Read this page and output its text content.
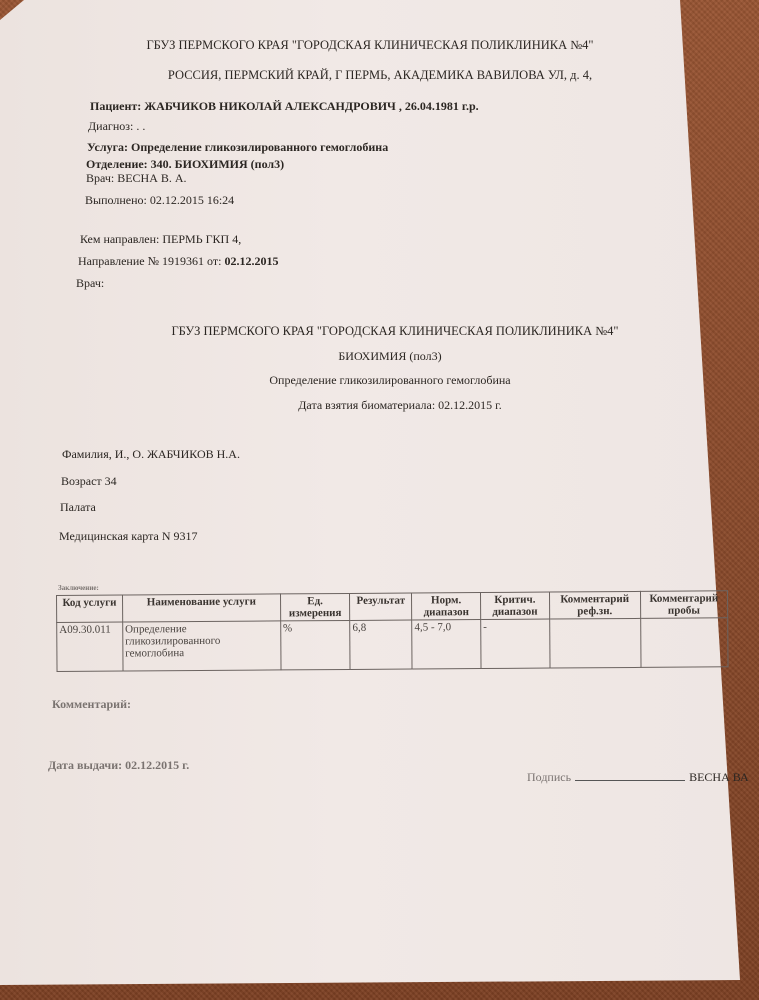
ГБУЗ ПЕРМСКОГО КРАЯ "ГОРОДСКАЯ КЛИНИЧЕСКАЯ ПОЛИКЛИНИКА №4"
РОССИЯ, ПЕРМСКИЙ КРАЙ, Г ПЕРМЬ, АКАДЕМИКА ВАВИЛОВА УЛ, д. 4,
Пациент: ЖАБЧИКОВ НИКОЛАЙ АЛЕКСАНДРОВИЧ , 26.04.1981 г.р.
Диагноз: . .
Услуга: Определение гликозилированного гемоглобина
Отделение: 340. БИОХИМИЯ (пол3)
Врач: ВЕСНА В. А.
Выполнено: 02.12.2015 16:24
Кем направлен: ПЕРМЬ ГКП 4,
Направление № 1919361 от: 02.12.2015
Врач:
ГБУЗ ПЕРМСКОГО КРАЯ "ГОРОДСКАЯ КЛИНИЧЕСКАЯ ПОЛИКЛИНИКА №4"
БИОХИМИЯ (пол3)
Определение гликозилированного гемоглобина
Дата взятия биоматериала: 02.12.2015 г.
Фамилия, И., О. ЖАБЧИКОВ Н.А.
Возраст 34
Палата
Медицинская карта N 9317
Заключение:
Код услуги	Наименование услуги	Ед. измерения	Результат	Норм. диапазон	Критич. диапазон	Комментарий реф.зн.	Комментарий пробы
A09.30.011	Определение гликозилированного гемоглобина	%	6,8	4,5 - 7,0	-		
Комментарий:
Дата выдачи: 02.12.2015 г.
Подпись	ВЕСНА ВА
